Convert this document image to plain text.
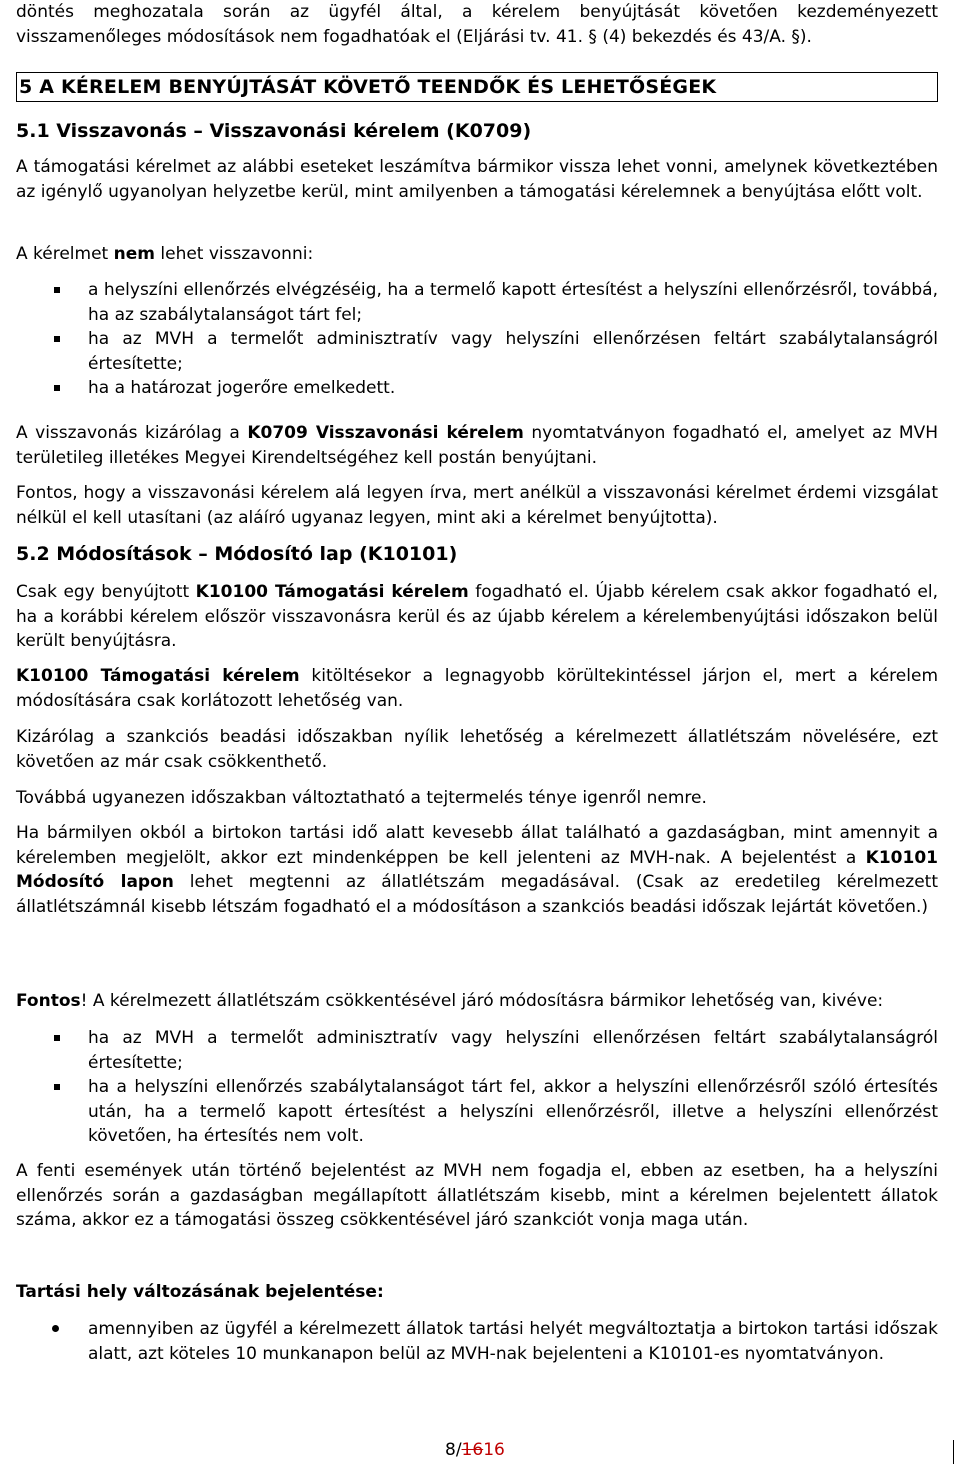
döntés meghozatala során az ügyfél által, a kérelem benyújtását követően kezdeményezett visszamenőleges módosítások nem fogadhatóak el (Eljárási tv. 41. § (4) bekezdés és 43/A. §).

5 A KÉRELEM BENYÚJTÁSÁT KÖVETŐ TEENDŐK ÉS LEHETŐSÉGEK
5.1 Visszavonás – Visszavonási kérelem (K0709)

A támogatási kérelmet az alábbi eseteket leszámítva bármikor vissza lehet vonni, amelynek következtében az igénylő ugyanolyan helyzetbe kerül, mint amilyenben a támogatási kérelemnek a benyújtása előtt volt.

A kérelmet nem lehet visszavonni:

a helyszíni ellenőrzés elvégzéséig, ha a termelő kapott értesítést a helyszíni ellenőrzésről, továbbá, ha az szabálytalanságot tárt fel;
ha az MVH a termelőt adminisztratív vagy helyszíni ellenőrzésen feltárt szabálytalanságról értesítette;
ha a határozat jogerőre emelkedett.

A visszavonás kizárólag a K0709 Visszavonási kérelem nyomtatványon fogadható el, amelyet az MVH területileg illetékes Megyei Kirendeltségéhez kell postán benyújtani.

Fontos, hogy a visszavonási kérelem alá legyen írva, mert anélkül a visszavonási kérelmet érdemi vizsgálat nélkül el kell utasítani (az aláíró ugyanaz legyen, mint aki a kérelmet benyújtotta).

5.2 Módosítások – Módosító lap (K10101)

Csak egy benyújtott K10100 Támogatási kérelem fogadható el. Újabb kérelem csak akkor fogadható el, ha a korábbi kérelem először visszavonásra kerül és az újabb kérelem a kérelembenyújtási időszakon belül került benyújtásra.

K10100 Támogatási kérelem kitöltésekor a legnagyobb körültekintéssel járjon el, mert a kérelem módosítására csak korlátozott lehetőség van.

Kizárólag a szankciós beadási időszakban nyílik lehetőség a kérelmezett állatlétszám növelésére, ezt követően az már csak csökkenthető.

Továbbá ugyanezen időszakban változtatható a tejtermelés ténye igenről nemre.

Ha bármilyen okból a birtokon tartási idő alatt kevesebb állat található a gazdaságban, mint amennyit a kérelemben megjelölt, akkor ezt mindenképpen be kell jelenteni az MVH-nak. A bejelentést a K10101 Módosító lapon lehet megtenni az állatlétszám megadásával. (Csak az eredetileg kérelmezett állatlétszámnál kisebb létszám fogadható el a módosításon a szankciós beadási időszak lejártát követően.)

Fontos! A kérelmezett állatlétszám csökkentésével járó módosításra bármikor lehetőség van, kivéve:

ha az MVH a termelőt adminisztratív vagy helyszíni ellenőrzésen feltárt szabálytalanságról értesítette;
ha a helyszíni ellenőrzés szabálytalanságot tárt fel, akkor a helyszíni ellenőrzésről szóló értesítés után, ha a termelő kapott értesítést a helyszíni ellenőrzésről, illetve a helyszíni ellenőrzést követően, ha értesítés nem volt.

A fenti események után történő bejelentést az MVH nem fogadja el, ebben az esetben, ha a helyszíni ellenőrzés során a gazdaságban megállapított állatlétszám kisebb, mint a kérelmen bejelentett állatok száma, akkor ez a támogatási összeg csökkentésével járó szankciót vonja maga után.

Tartási hely változásának bejelentése:
amennyiben az ügyfél a kérelmezett állatok tartási helyét megváltoztatja a birtokon tartási időszak alatt, azt köteles 10 munkanapon belül az MVH-nak bejelenteni a K10101-es nyomtatványon.
8/1616
